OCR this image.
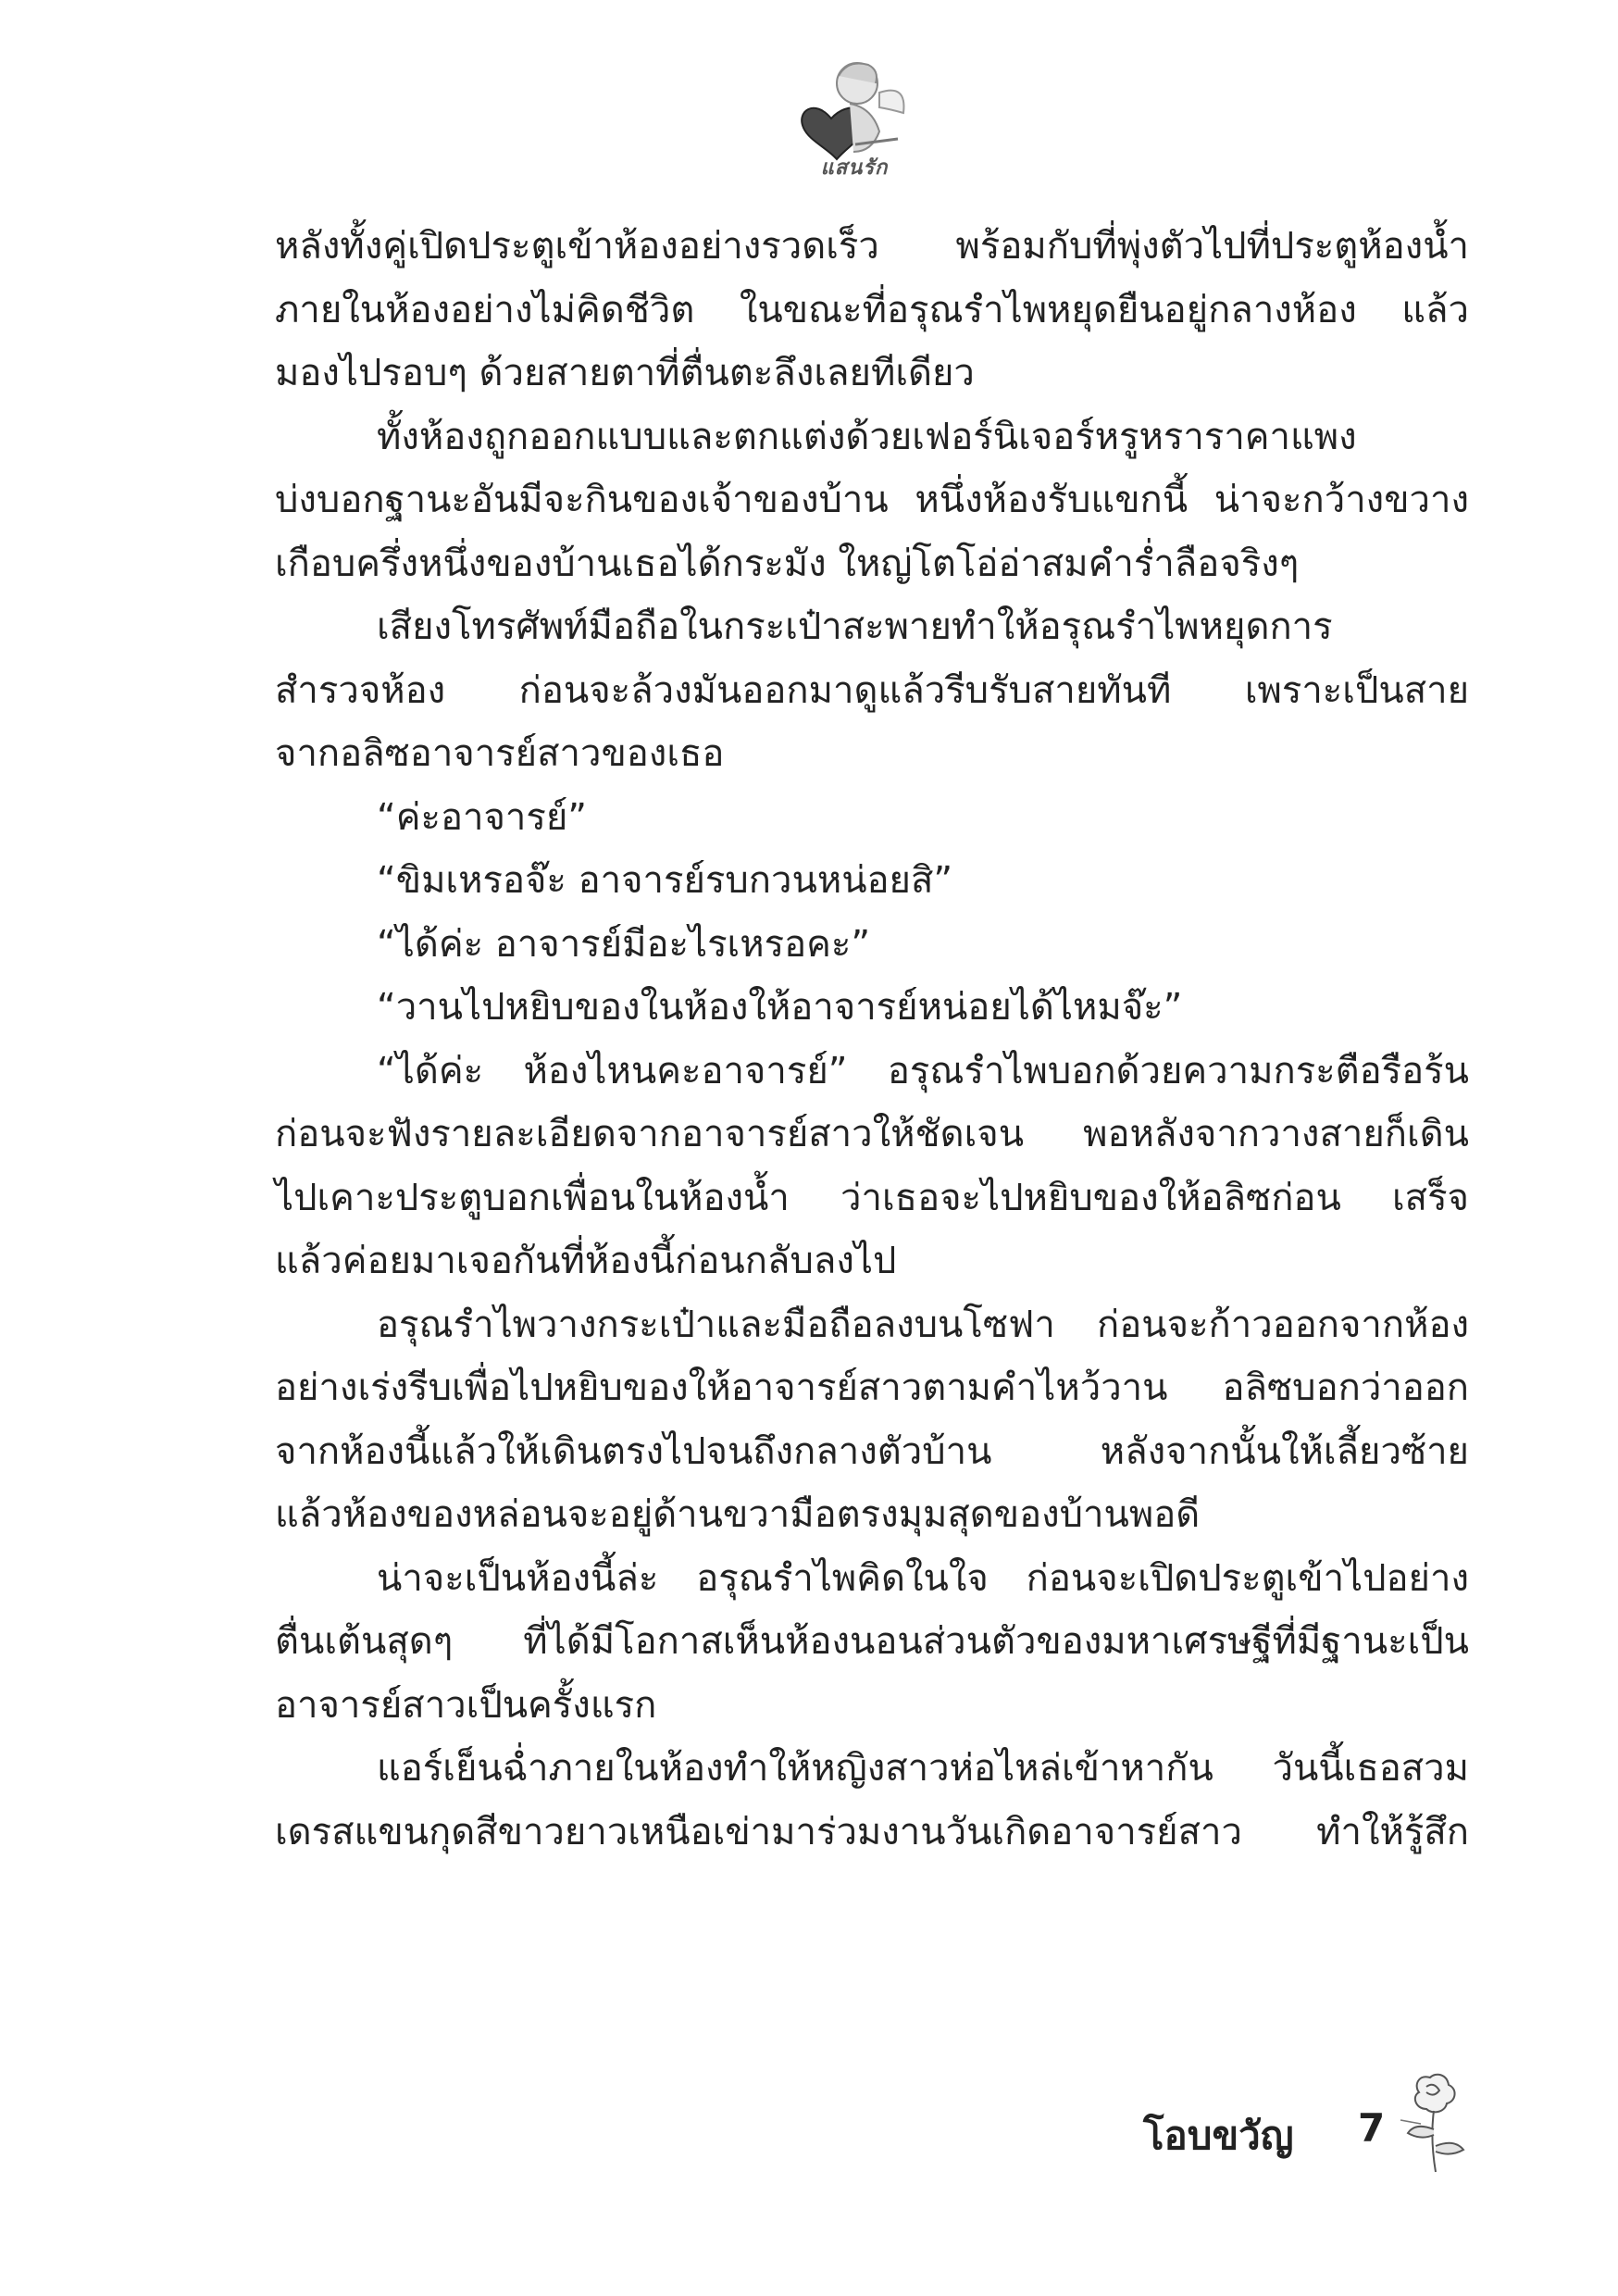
แสนรัก

หลังทั้งคู่เปิดประตูเข้าห้องอย่างรวดเร็ว พร้อมกับที่พุ่งตัวไปที่ประตูห้องน้ำ

ภายในห้องอย่างไม่คิดชีวิต ในขณะที่อรุณรำไพหยุดยืนอยู่กลางห้อง แล้ว

มองไปรอบๆ ด้วยสายตาที่ตื่นตะลึงเลยทีเดียว

ทั้งห้องถูกออกแบบและตกแต่งด้วยเฟอร์นิเจอร์หรูหราราคาแพง

บ่งบอกฐานะอันมีจะกินของเจ้าของบ้าน หนึ่งห้องรับแขกนี้ น่าจะกว้างขวาง

เกือบครึ่งหนึ่งของบ้านเธอได้กระมัง ใหญ่โตโอ่อ่าสมคำร่ำลือจริงๆ

เสียงโทรศัพท์มือถือในกระเป๋าสะพายทำให้อรุณรำไพหยุดการ

สำรวจห้อง ก่อนจะล้วงมันออกมาดูแล้วรีบรับสายทันที เพราะเป็นสาย

จากอลิซอาจารย์สาวของเธอ

“ค่ะอาจารย์”

“ขิมเหรอจ๊ะ อาจารย์รบกวนหน่อยสิ”

“ได้ค่ะ อาจารย์มีอะไรเหรอคะ”

“วานไปหยิบของในห้องให้อาจารย์หน่อยได้ไหมจ๊ะ”

“ได้ค่ะ ห้องไหนคะอาจารย์” อรุณรำไพบอกด้วยความกระตือรือร้น

ก่อนจะฟังรายละเอียดจากอาจารย์สาวให้ชัดเจน พอหลังจากวางสายก็เดิน

ไปเคาะประตูบอกเพื่อนในห้องน้ำ ว่าเธอจะไปหยิบของให้อลิซก่อน เสร็จ

แล้วค่อยมาเจอกันที่ห้องนี้ก่อนกลับลงไป

อรุณรำไพวางกระเป๋าและมือถือลงบนโซฟา ก่อนจะก้าวออกจากห้อง

อย่างเร่งรีบเพื่อไปหยิบของให้อาจารย์สาวตามคำไหว้วาน อลิซบอกว่าออก

จากห้องนี้แล้วให้เดินตรงไปจนถึงกลางตัวบ้าน หลังจากนั้นให้เลี้ยวซ้าย

แล้วห้องของหล่อนจะอยู่ด้านขวามือตรงมุมสุดของบ้านพอดี

น่าจะเป็นห้องนี้ล่ะ อรุณรำไพคิดในใจ ก่อนจะเปิดประตูเข้าไปอย่าง

ตื่นเต้นสุดๆ ที่ได้มีโอกาสเห็นห้องนอนส่วนตัวของมหาเศรษฐีที่มีฐานะเป็น

อาจารย์สาวเป็นครั้งแรก

แอร์เย็นฉ่ำภายในห้องทำให้หญิงสาวห่อไหล่เข้าหากัน วันนี้เธอสวม

เดรสแขนกุดสีขาวยาวเหนือเข่ามาร่วมงานวันเกิดอาจารย์สาว ทำให้รู้สึก

โอบขวัญ 7
